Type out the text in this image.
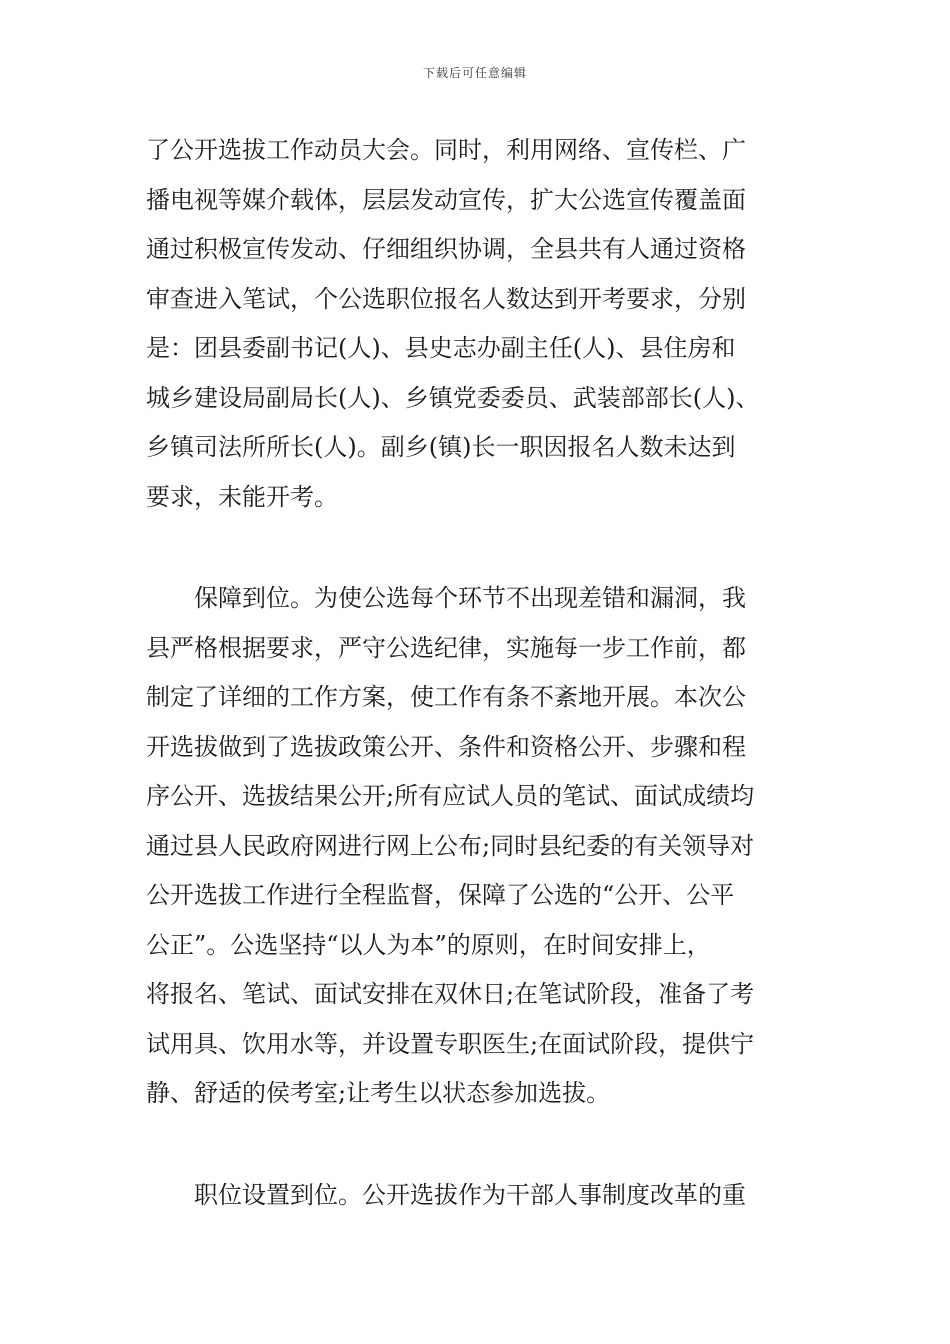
下载后可任意编辑
了公开选拔工作动员大会。同时，利用网络、宣传栏、广
播电视等媒介载体，层层发动宣传，扩大公选宣传覆盖面
通过积极宣传发动、仔细组织协调，全县共有人通过资格
审查进入笔试，个公选职位报名人数达到开考要求，分别
是：团县委副书记(人)、县史志办副主任(人)、县住房和
城乡建设局副局长(人)、乡镇党委委员、武装部部长(人)、
乡镇司法所所长(人)。副乡(镇)长一职因报名人数未达到
要求，未能开考。
　　保障到位。为使公选每个环节不出现差错和漏洞，我
县严格根据要求，严守公选纪律，实施每一步工作前，都
制定了详细的工作方案，使工作有条不紊地开展。本次公
开选拔做到了选拔政策公开、条件和资格公开、步骤和程
序公开、选拔结果公开;所有应试人员的笔试、面试成绩均
通过县人民政府网进行网上公布;同时县纪委的有关领导对
公开选拔工作进行全程监督，保障了公选的“公开、公平
公正”。公选坚持“以人为本”的原则，在时间安排上，
将报名、笔试、面试安排在双休日;在笔试阶段，准备了考
试用具、饮用水等，并设置专职医生;在面试阶段，提供宁
静、舒适的侯考室;让考生以状态参加选拔。
　　职位设置到位。公开选拔作为干部人事制度改革的重
